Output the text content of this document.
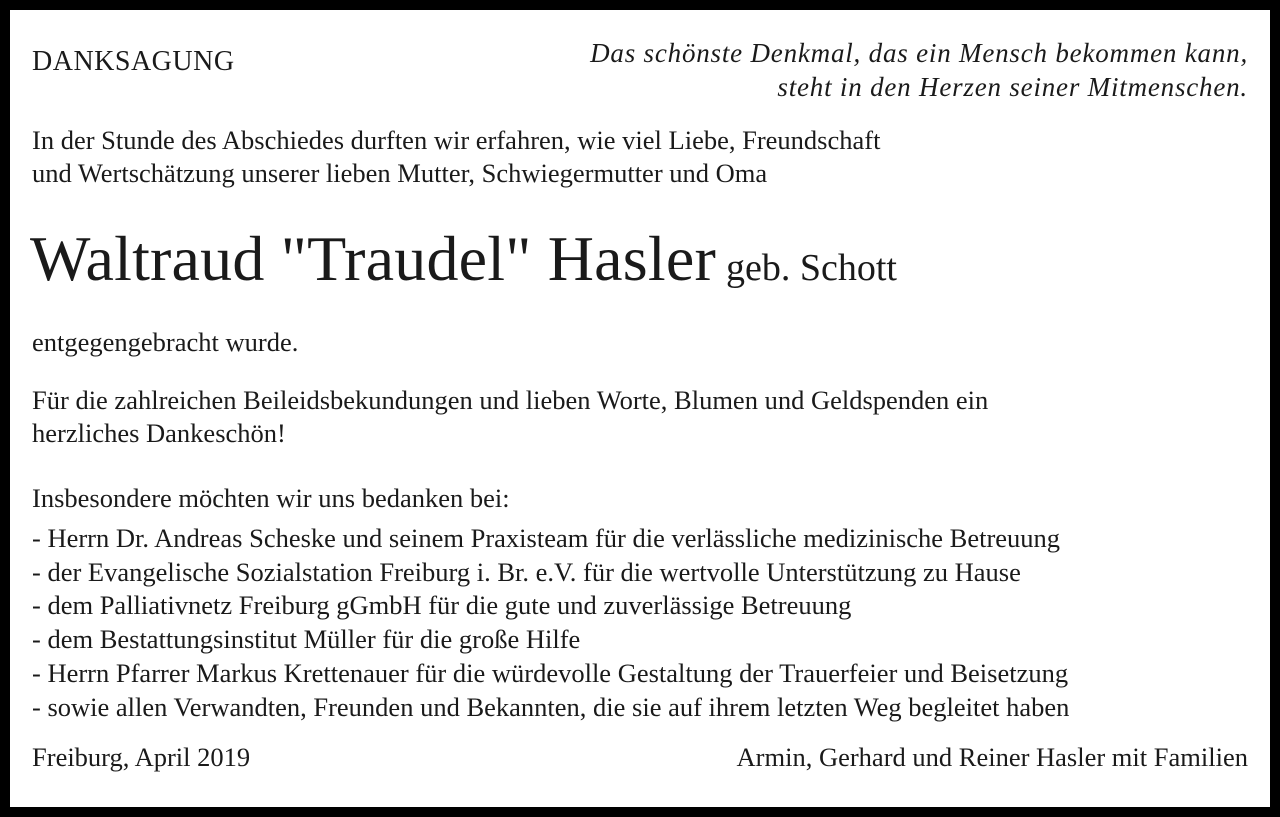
DANKSAGUNG	Das schönste Denkmal, das ein Mensch bekommen kann,
steht in den Herzen seiner Mitmenschen.
In der Stunde des Abschiedes durften wir erfahren, wie viel Liebe, Freundschaft
und Wertschätzung unserer lieben Mutter, Schwiegermutter und Oma
Waltraud "Traudel" Hasler geb. Schott
entgegengebracht wurde.
Für die zahlreichen Beileidsbekundungen und lieben Worte, Blumen und Geldspenden ein
herzliches Dankeschön!
Insbesondere möchten wir uns bedanken bei:
- Herrn Dr. Andreas Scheske und seinem Praxisteam für die verlässliche medizinische Betreuung
- der Evangelische Sozialstation Freiburg i. Br. e.V. für die wertvolle Unterstützung zu Hause
- dem Palliativnetz Freiburg gGmbH für die gute und zuverlässige Betreuung
- dem Bestattungsinstitut Müller für die große Hilfe
- Herrn Pfarrer Markus Krettenauer für die würdevolle Gestaltung der Trauerfeier und Beisetzung
- sowie allen Verwandten, Freunden und Bekannten, die sie auf ihrem letzten Weg begleitet haben
Freiburg, April 2019	Armin, Gerhard und Reiner Hasler mit Familien
